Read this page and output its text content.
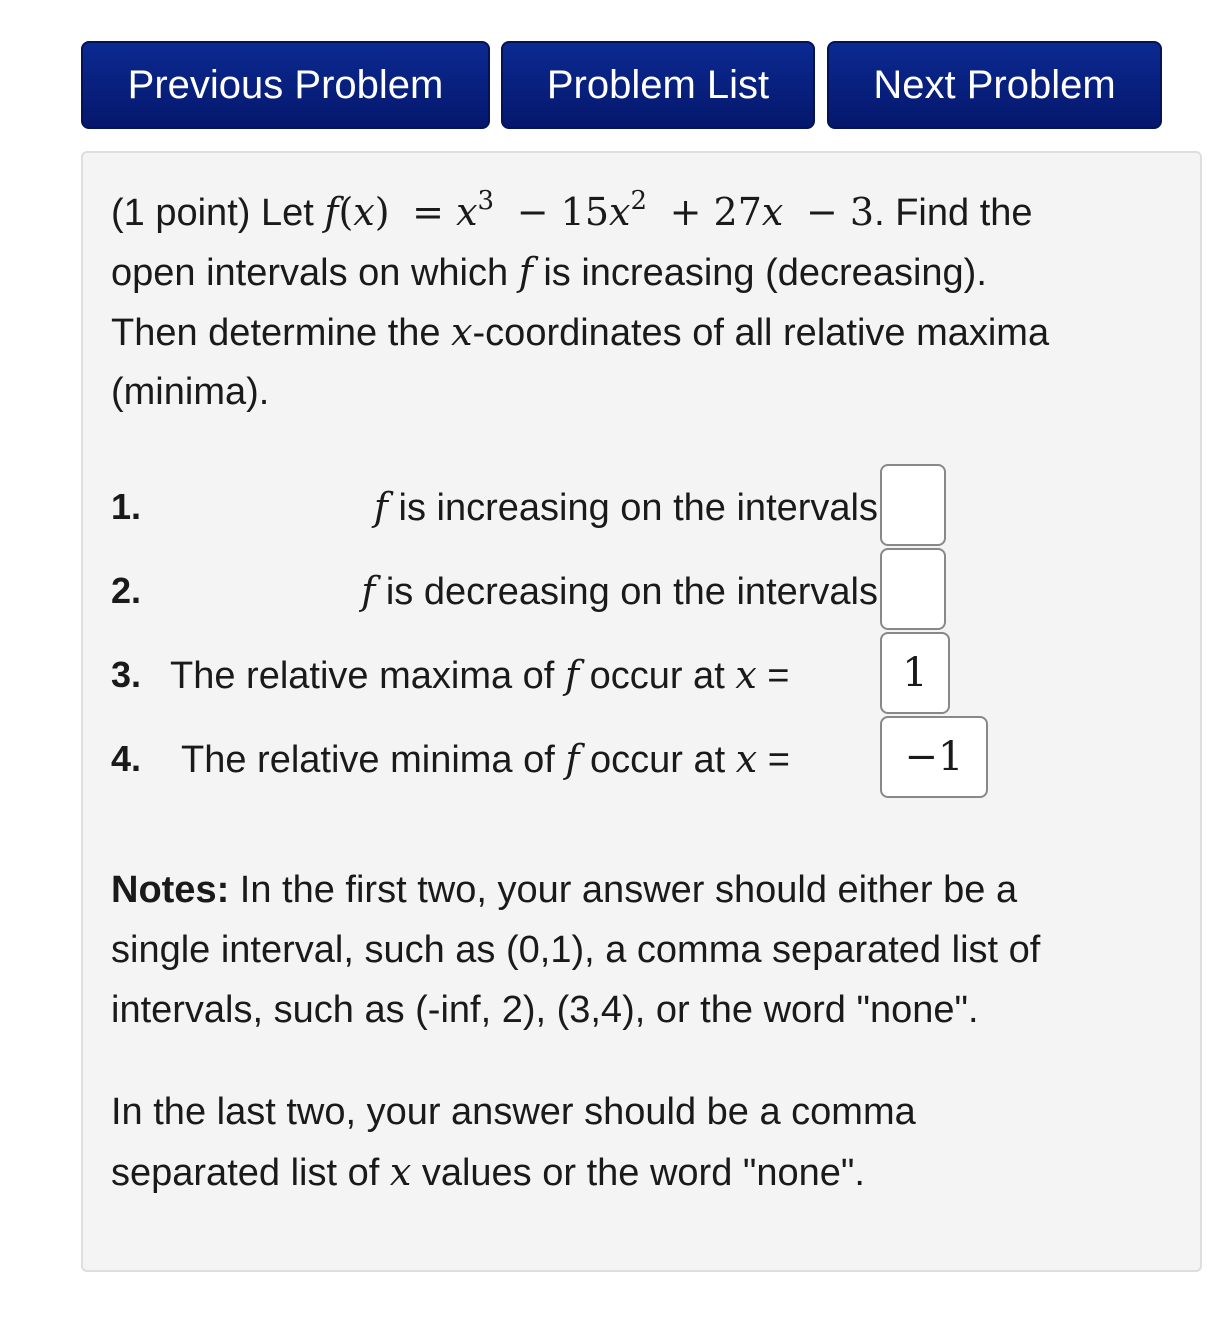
Previous Problem	Problem List	Next Problem
(1 point) Let $f(x) = x^3 - 15x^2 + 27x - 3$. Find the
open intervals on which f is increasing (decreasing).
Then determine the x-coordinates of all relative maxima
(minima).
1.	f is increasing on the intervals
2.	f is decreasing on the intervals
3. The relative maxima of f occur at x =	1
4. The relative minima of f occur at x =	−1
Notes: In the first two, your answer should either be a
single interval, such as (0,1), a comma separated list of
intervals, such as (-inf, 2), (3,4), or the word "none".
In the last two, your answer should be a comma
separated list of x values or the word "none".
